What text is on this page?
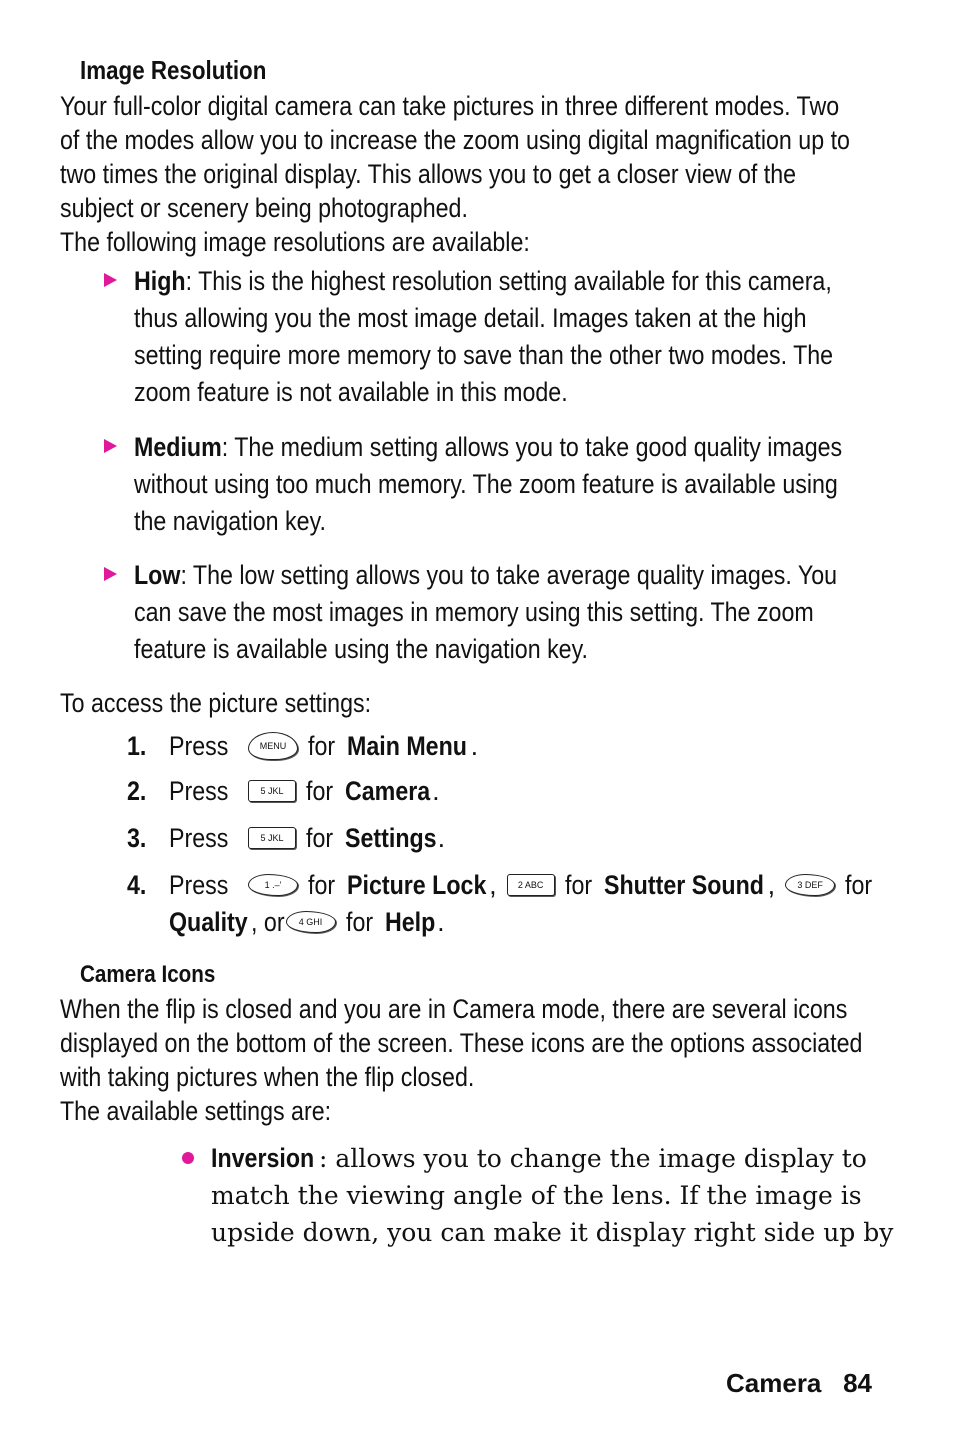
Image Resolution
Your full-color digital camera can take pictures in three different modes. Two
of the modes allow you to increase the zoom using digital magnification up to
two times the original display. This allows you to get a closer view of the
subject or scenery being photographed.
The following image resolutions are available:
High: This is the highest resolution setting available for this camera,
thus allowing you the most image detail. Images taken at the high
setting require more memory to save than the other two modes. The
zoom feature is not available in this mode.
Medium: The medium setting allows you to take good quality images
without using too much memory. The zoom feature is available using
the navigation key.
Low: The low setting allows you to take average quality images. You
can save the most images in memory using this setting. The zoom
feature is available using the navigation key.
To access the picture settings:
1. Press	MENU for
Main Menu .
2. Press	5 JKL for
Camera .
3. Press	5 JKL for
Settings .
4. Press	1 .–' for
Picture Lock ,	2 ABC for
Shutter Sound ,	3 DEF for
Quality , or	4 GHI for
Help .
Camera Icons
When the flip is closed and you are in Camera mode, there are several icons
displayed on the bottom of the screen. These icons are the options associated
with taking pictures when the flip closed.
The available settings are:
Inversion : allows you to change the image display to
match the viewing angle of the lens. If the image is
upside down, you can make it display right side up by
Camera 84
